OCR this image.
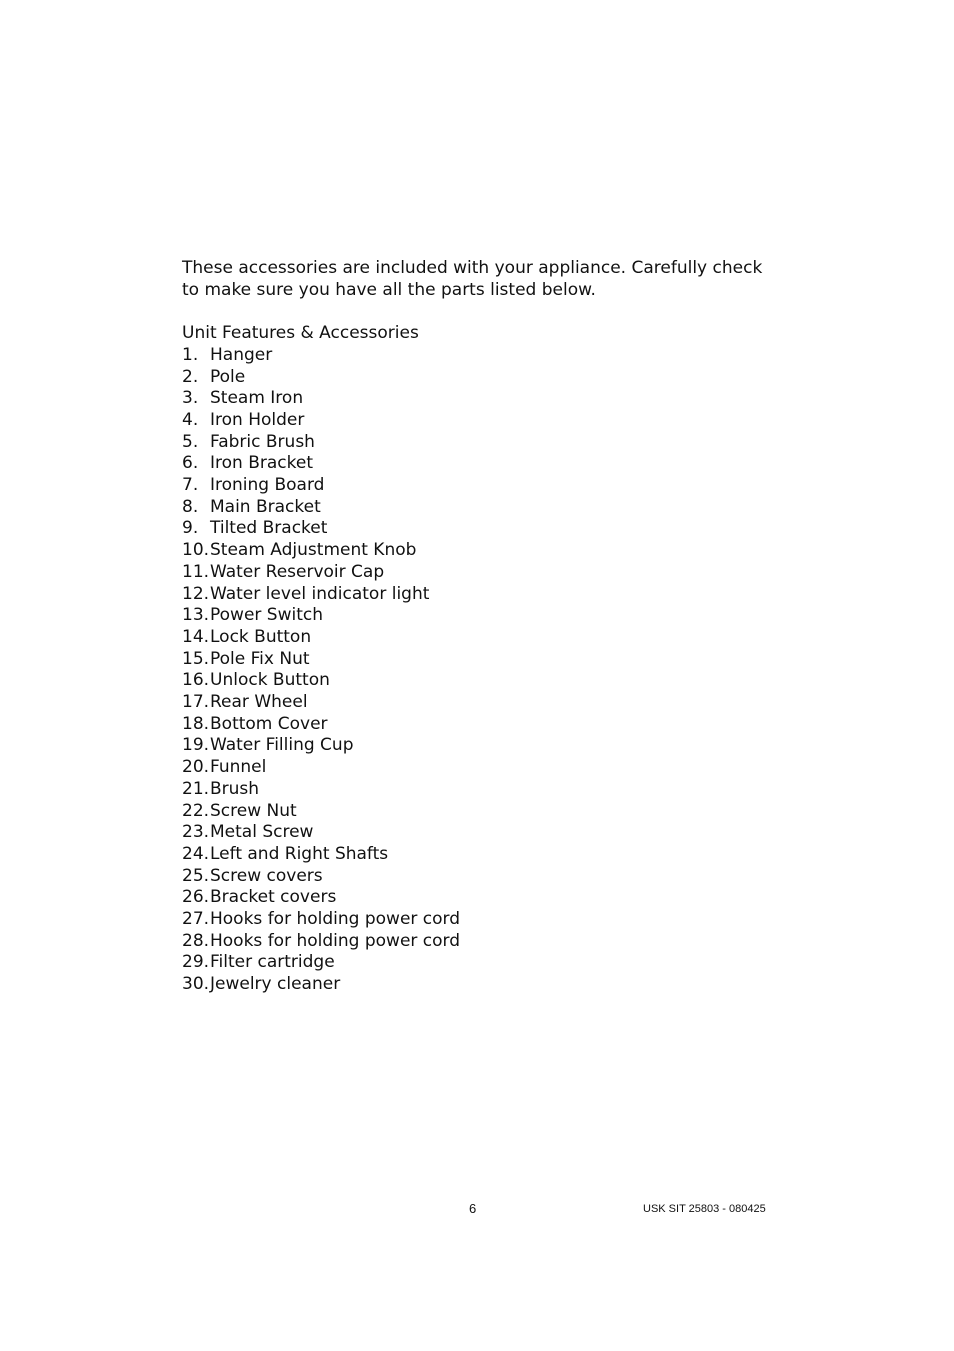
These accessories are included with your appliance. Carefully check to make sure you have all the parts listed below.

Unit Features & Accessories
1. Hanger
2. Pole
3. Steam Iron
4. Iron Holder
5. Fabric Brush
6. Iron Bracket
7. Ironing Board
8. Main Bracket
9. Tilted Bracket
10. Steam Adjustment Knob
11. Water Reservoir Cap
12. Water level indicator light
13. Power Switch
14. Lock Button
15. Pole Fix Nut
16. Unlock Button
17. Rear Wheel
18. Bottom Cover
19. Water Filling Cup
20. Funnel
21. Brush
22. Screw Nut
23. Metal Screw
24. Left and Right Shafts
25. Screw covers
26. Bracket covers
27. Hooks for holding power cord
28. Hooks for holding power cord
29. Filter cartridge
30. Jewelry cleaner
6	USK SIT 25803 - 080425
